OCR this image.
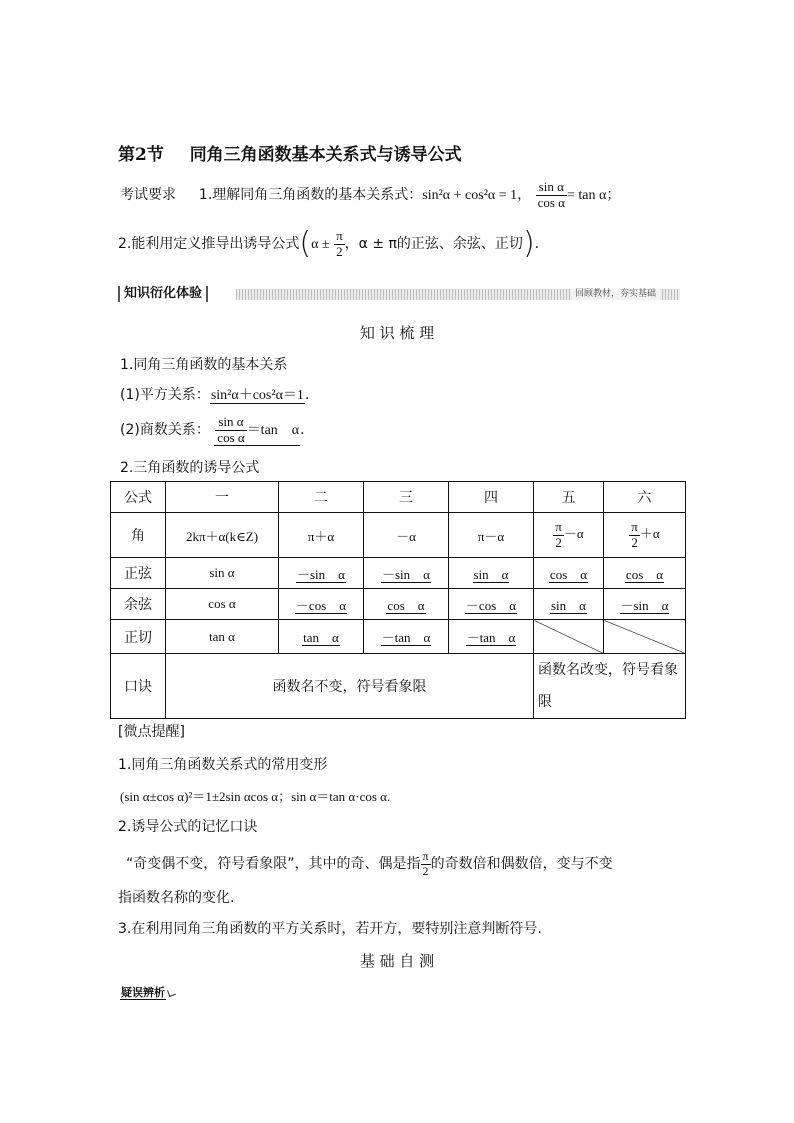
第2节 同角三角函数基本关系式与诱导公式
考试要求 1.理解同角三角函数的基本关系式：sin²α + cos²α = 1， $\frac{\text{sin α}}{\text{cos α}} = \tan \alpha$；
2.能利用定义推导出诱导公式($\alpha \pm \frac{\pi}{2}$ ，α ± π的正弦、余弦、正切).
知识衍化体验	回顾教材，夯实基础
知 识 梳 理
1.同角三角函数的基本关系
(1)平方关系：sin²α＋cos²α＝1.
(2)商数关系： $\frac{\text{sin α}}{\text{cos α}} =\tan$　α.
2.三角函数的诱导公式
公式	一	二	三	四	五	六
角	2kπ＋α(k∈Z)	π＋α	－α	π－α	$\frac{\pi}{2} -\alpha$	$\frac{\pi}{2} +\alpha$
正弦	sin α	－sin　α	－sin　α	sin　α	cos　α	cos　α
余弦	cos α	－cos　α	cos　α	－cos　α	sin　α	－sin　α
正切	tan α	tan　α	－tan　α	－tan　α		
口诀	函数名不变，符号看象限				函数名改变，符号看象限	
[微点提醒]
1.同角三角函数关系式的常用变形
(sin α±cos α)²＝1±2sin αcos α；sin α＝tan α·cos α.
2.诱导公式的记忆口诀
“奇变偶不变，符号看象限”，其中的奇、偶是指 $\frac{\pi}{2}$ 的奇数倍和偶数倍，变与不变
指函数名称的变化.
3.在利用同角三角函数的平方关系时，若开方，要特别注意判断符号.
基 础 自 测
疑误辨析
